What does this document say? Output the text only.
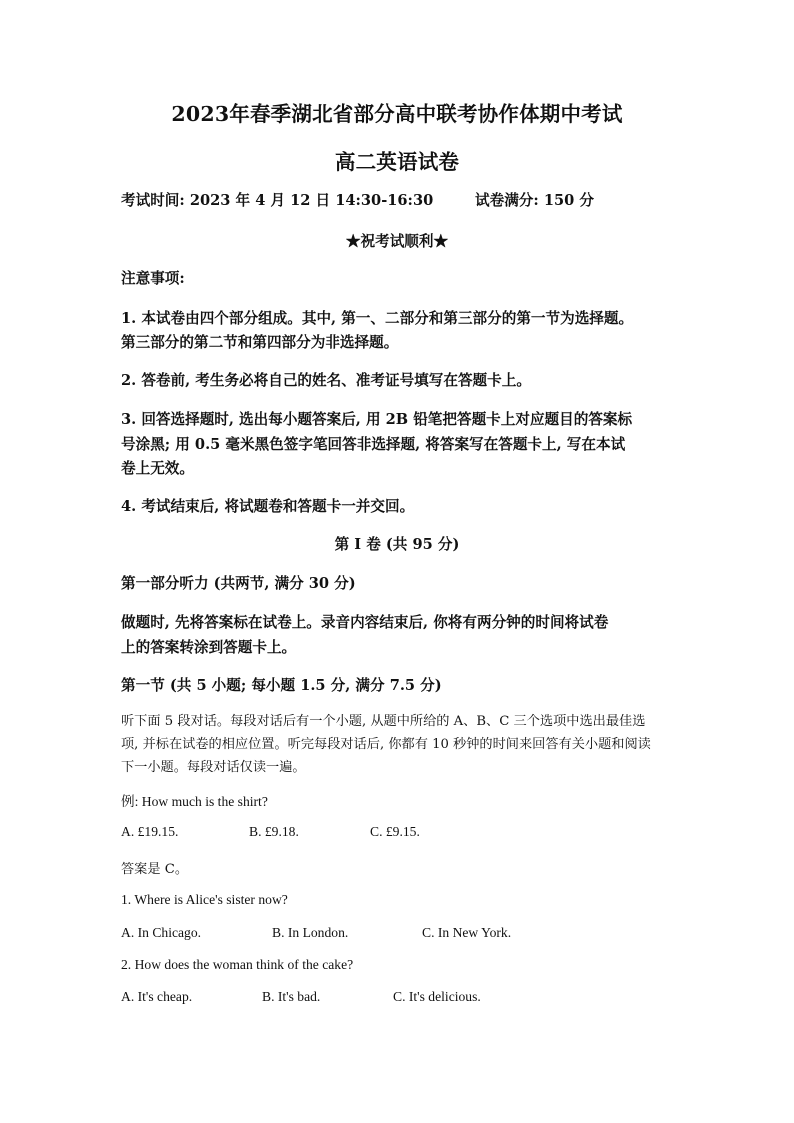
2023年春季湖北省部分高中联考协作体期中考试
高二英语试卷
考试时间: 2023 年 4 月 12 日 14:30-16:30	试卷满分: 150 分
★祝考试顺利★
注意事项:
1. 本试卷由四个部分组成。其中, 第一、二部分和第三部分的第一节为选择题。
第三部分的第二节和第四部分为非选择题。
2. 答卷前, 考生务必将自己的姓名、准考证号填写在答题卡上。
3. 回答选择题时, 选出每小题答案后, 用 2B 铅笔把答题卡上对应题目的答案标
号涂黑; 用 0.5 毫米黑色签字笔回答非选择题, 将答案写在答题卡上, 写在本试
卷上无效。
4. 考试结束后, 将试题卷和答题卡一并交回。
第 I 卷 (共 95 分)
第一部分听力 (共两节, 满分 30 分)
做题时, 先将答案标在试卷上。录音内容结束后, 你将有两分钟的时间将试卷
上的答案转涂到答题卡上。
第一节 (共 5 小题; 每小题 1.5 分, 满分 7.5 分)
听下面 5 段对话。每段对话后有一个小题, 从题中所给的 A、B、C 三个选项中选出最佳选
项, 并标在试卷的相应位置。听完每段对话后, 你都有 10 秒钟的时间来回答有关小题和阅读
下一小题。每段对话仅读一遍。
例: How much is the shirt?
A. £19.15.	B. £9.18.	C. £9.15.
答案是 C。
1. Where is Alice's sister now?
A. In Chicago.	B. In London.	C. In New York.
2. How does the woman think of the cake?
A. It's cheap.	B. It's bad.	C. It's delicious.
